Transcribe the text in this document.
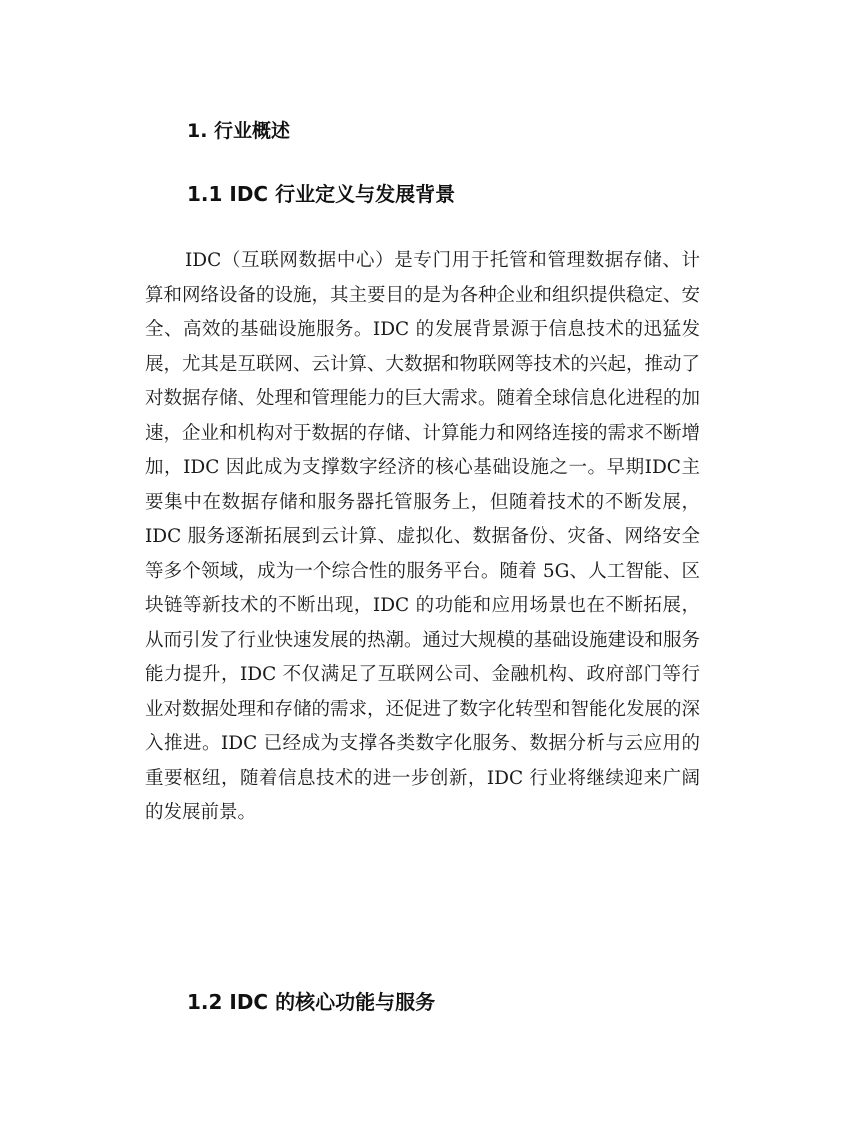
1. 行业概述
1.1 IDC 行业定义与发展背景

IDC（互联网数据中心）是专门用于托管和管理数据存储、计算和网络设备的设施，其主要目的是为各种企业和组织提供稳定、安全、高效的基础设施服务。IDC 的发展背景源于信息技术的迅猛发展，尤其是互联网、云计算、大数据和物联网等技术的兴起，推动了对数据存储、处理和管理能力的巨大需求。随着全球信息化进程的加速，企业和机构对于数据的存储、计算能力和网络连接的需求不断增加，IDC 因此成为支撑数字经济的核心基础设施之一。早期IDC主要集中在数据存储和服务器托管服务上，但随着技术的不断发展，IDC 服务逐渐拓展到云计算、虚拟化、数据备份、灾备、网络安全等多个领域，成为一个综合性的服务平台。随着 5G、人工智能、区块链等新技术的不断出现，IDC 的功能和应用场景也在不断拓展，从而引发了行业快速发展的热潮。通过大规模的基础设施建设和服务能力提升，IDC 不仅满足了互联网公司、金融机构、政府部门等行业对数据处理和存储的需求，还促进了数字化转型和智能化发展的深入推进。IDC 已经成为支撑各类数字化服务、数据分析与云应用的重要枢纽，随着信息技术的进一步创新，IDC 行业将继续迎来广阔的发展前景。

1.2 IDC 的核心功能与服务
